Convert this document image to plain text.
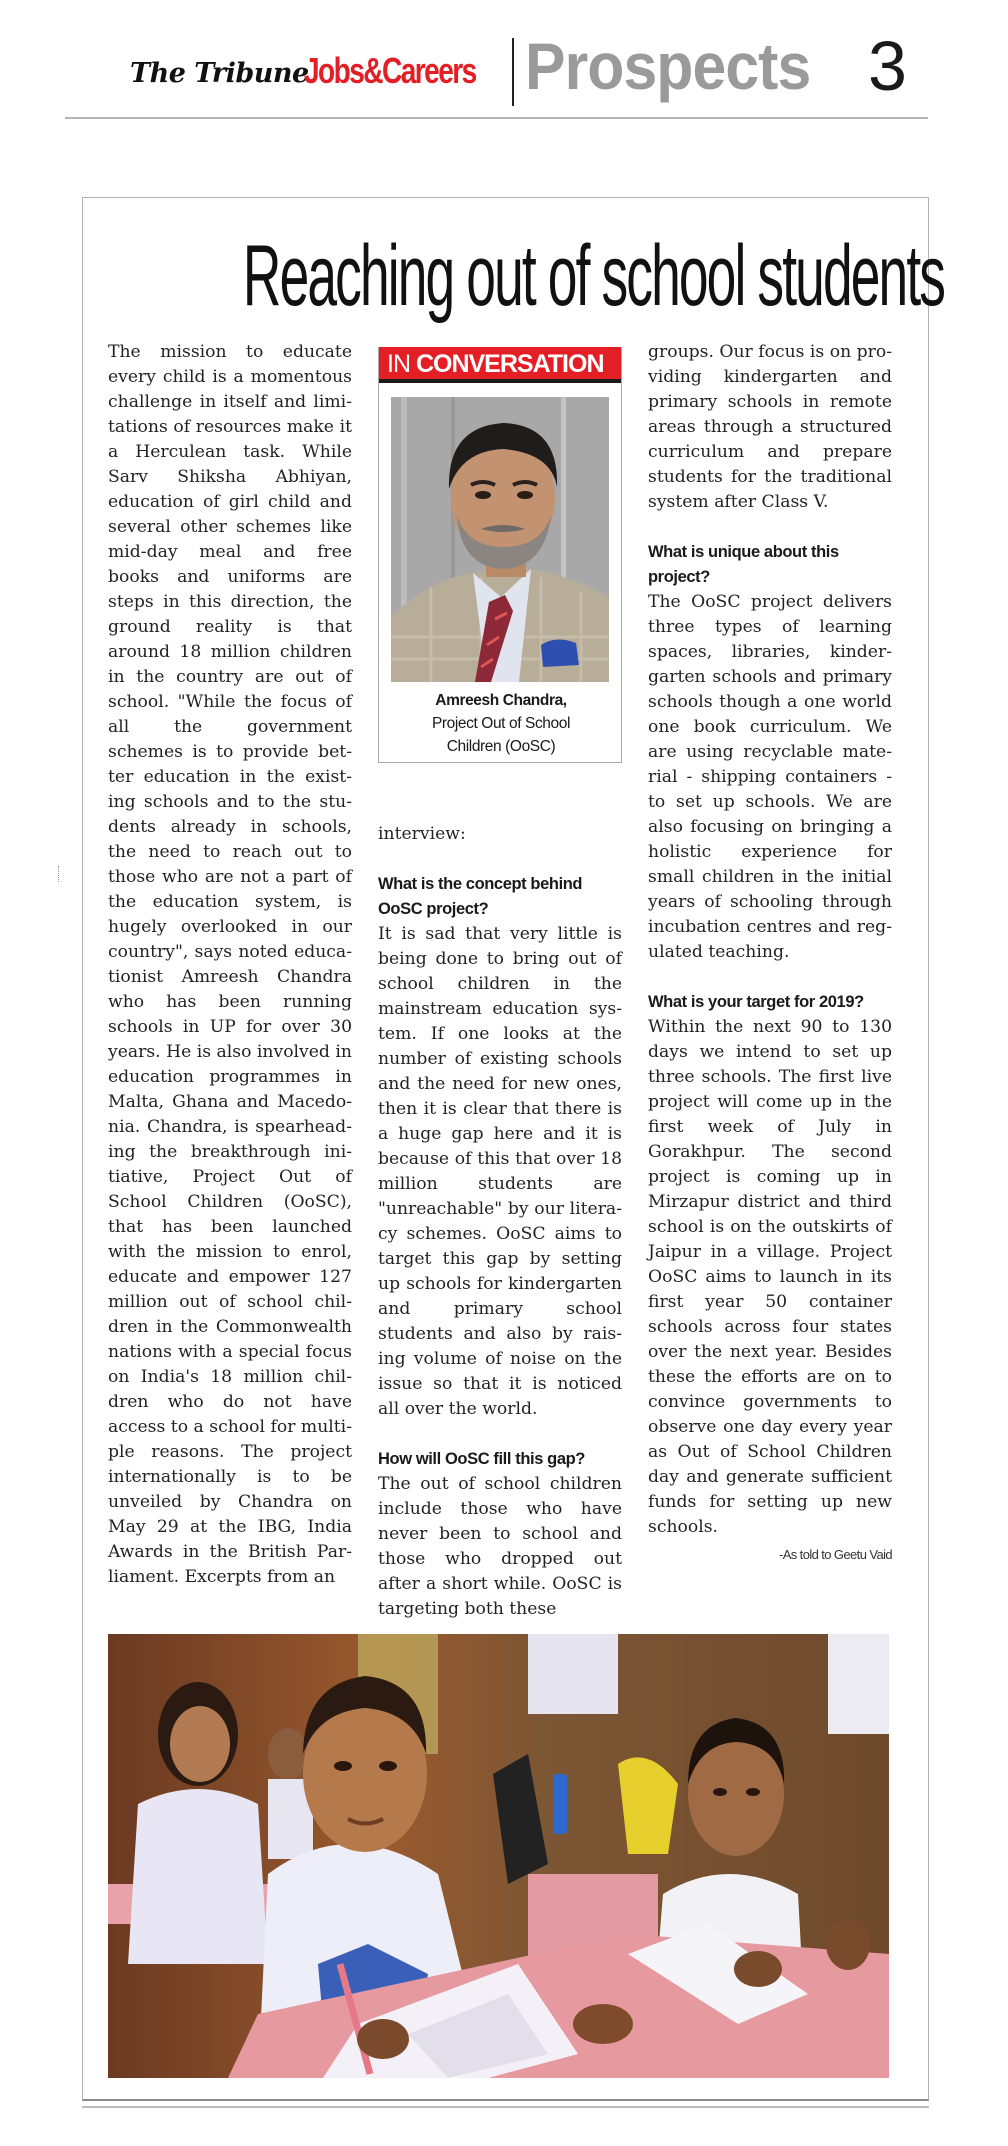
The Tribune
Jobs&Careers Prospects 3
Reaching out of school students

The mission to educate every child is a momentous challenge in itself and limitations of resources make it a Herculean task. While Sarv Shiksha Abhiyan, education of girl child and several other schemes like mid-day meal and free books and uniforms are steps in this direction, the ground reality is that around 18 million children in the country are out of school. "While the focus of all the government schemes is to provide better education in the existing schools and to the students already in schools, the need to reach out to those who are not a part of the education system, is hugely overlooked in our country", says noted educationist Amreesh Chandra who has been running schools in UP for over 30 years. He is also involved in education programmes in Malta, Ghana and Macedonia. Chandra, is spearheading the breakthrough initiative, Project Out of School Children (OoSC), that has been launched with the mission to enrol, educate and empower 127 million out of school children in the Commonwealth nations with a special focus on India's 18 million children who do not have access to a school for multiple reasons. The project internationally is to be unveiled by Chandra on May 29 at the IBG, India Awards in the British Parliament. Excerpts from an

IN CONVERSATION
Amreesh Chandra,
Project Out of School
Children (OoSC)

interview:

What is the concept behind OoSC project?

It is sad that very little is being done to bring out of school children in the mainstream education system. If one looks at the number of existing schools and the need for new ones, then it is clear that there is a huge gap here and it is because of this that over 18 million students are "unreachable" by our literacy schemes. OoSC aims to target this gap by setting up schools for kindergarten and primary school students and also by raising volume of noise on the issue so that it is noticed all over the world.

How will OoSC fill this gap?

The out of school children include those who have never been to school and those who dropped out after a short while. OoSC is targeting both these

groups. Our focus is on providing kindergarten and primary schools in remote areas through a structured curriculum and prepare students for the traditional system after Class V.

What is unique about this project?

The OoSC project delivers three types of learning spaces, libraries, kindergarten schools and primary schools though a one world one book curriculum. We are using recyclable material - shipping containers - to set up schools. We are also focusing on bringing a holistic experience for small children in the initial years of schooling through incubation centres and regulated teaching.

What is your target for 2019?

Within the next 90 to 130 days we intend to set up three schools. The first live project will come up in the first week of July in Gorakhpur. The second project is coming up in Mirzapur district and third school is on the outskirts of Jaipur in a village. Project OoSC aims to launch in its first year 50 container schools across four states over the next year. Besides these the efforts are on to convince governments to observe one day every year as Out of School Children day and generate sufficient funds for setting up new schools.

-As told to Geetu Vaid
